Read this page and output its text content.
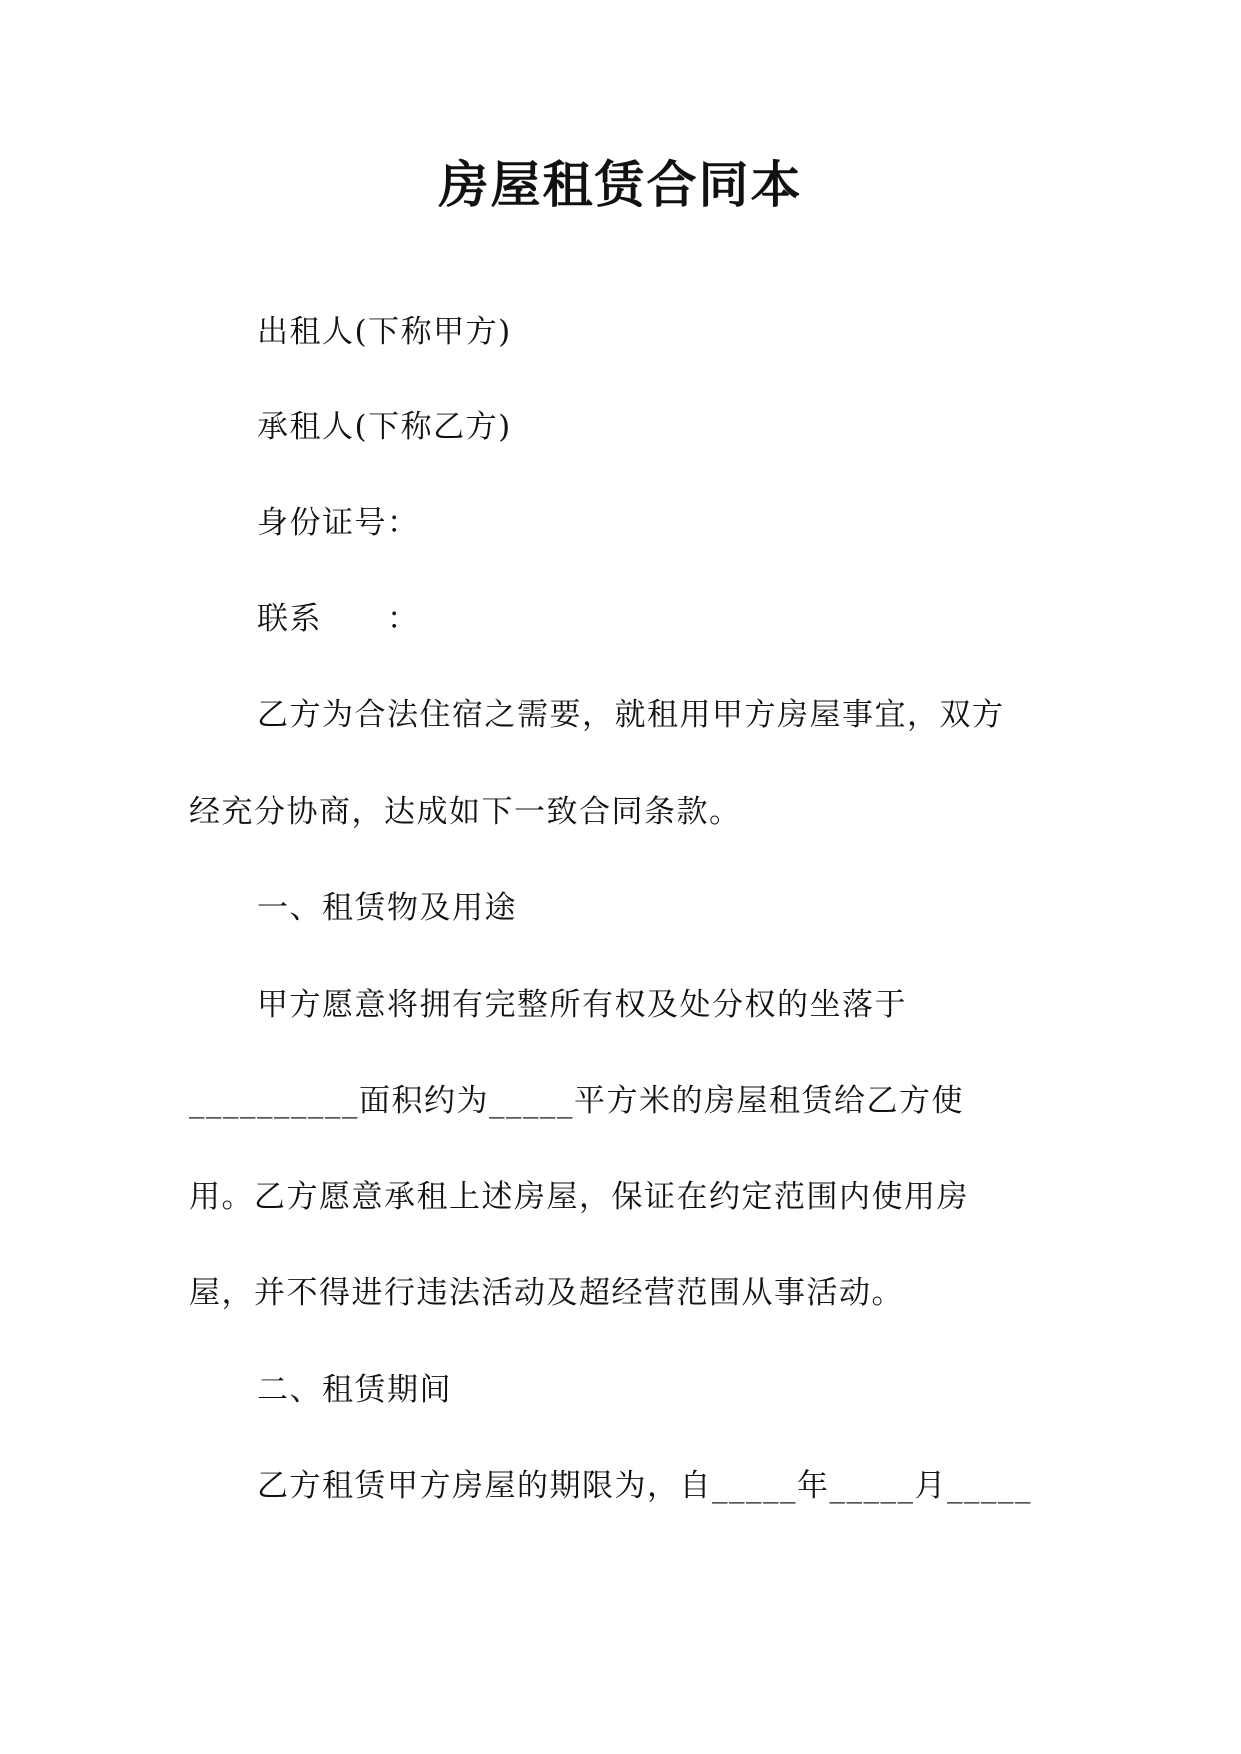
房屋租赁合同本
出租人(下称甲方)
承租人(下称乙方)
身份证号：
联系　　：
乙方为合法住宿之需要，就租用甲方房屋事宜，双方
经充分协商，达成如下一致合同条款。
一、租赁物及用途
甲方愿意将拥有完整所有权及处分权的坐落于
__________面积约为_____平方米的房屋租赁给乙方使
用。乙方愿意承租上述房屋，保证在约定范围内使用房
屋，并不得进行违法活动及超经营范围从事活动。
二、租赁期间
乙方租赁甲方房屋的期限为，自_____年_____月_____
